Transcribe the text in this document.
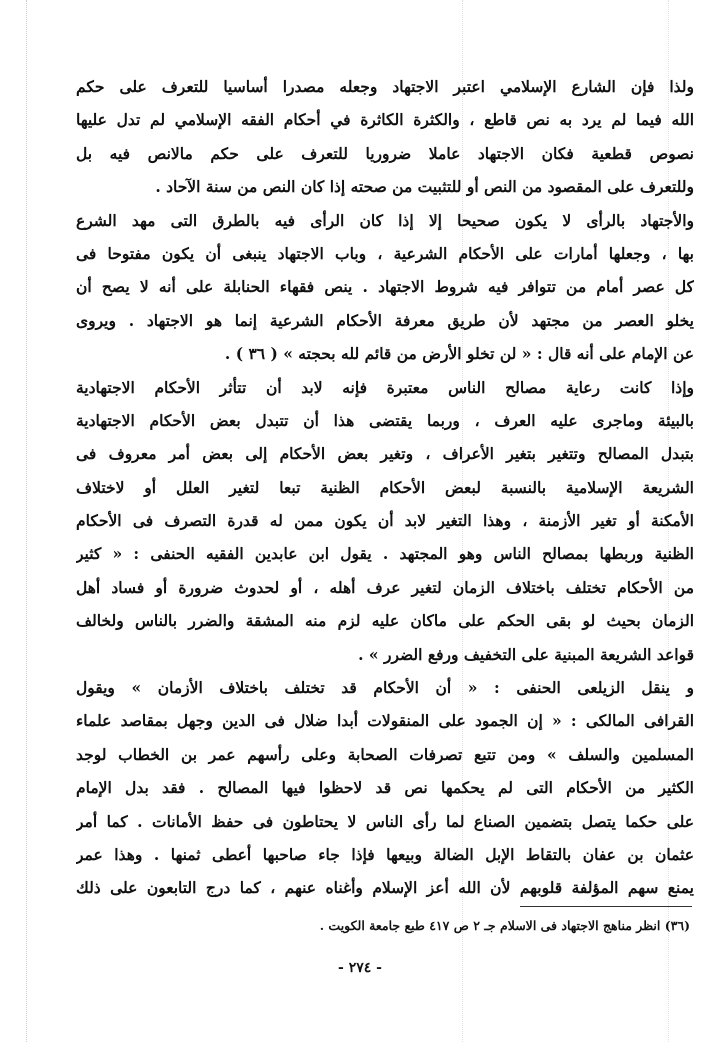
ولذا فإن الشارع الإسلامي اعتبر الاجتهاد وجعله مصدرا أساسيا للتعرف على حكم
الله فيما لم يرد به نص قاطع ، والكثرة الكاثرة في أحكام الفقه الإسلامي لم تدل عليها
نصوص قطعية فكان الاجتهاد عاملا ضروريا للتعرف على حكم مالانص فيه بل
وللتعرف على المقصود من النص أو للتثبيت من صحته إذا كان النص من سنة الآحاد .
والأجتهاد بالرأى لا يكون صحيحا إلا إذا كان الرأى فيه بالطرق التى مهد الشرع
بها ، وجعلها أمارات على الأحكام الشرعية ، وباب الاجتهاد ينبغى أن يكون مفتوحا فى
كل عصر أمام من تتوافر فيه شروط الاجتهاد . ينص فقهاء الحنابلة على أنه لا يصح أن
يخلو العصر من مجتهد لأن طريق معرفة الأحكام الشرعية إنما هو الاجتهاد . ويروى
عن الإمام على أنه قال : « لن تخلو الأرض من قائم لله بحجته » ( ٣٦ ) .
وإذا كانت رعاية مصالح الناس معتبرة فإنه لابد أن تتأثر الأحكام الاجتهادية
بالبيئة وماجرى عليه العرف ، وربما يقتضى هذا أن تتبدل بعض الأحكام الاجتهادية
بتبدل المصالح وتتغير بتغير الأعراف ، وتغير بعض الأحكام إلى بعض أمر معروف فى
الشريعة الإسلامية بالنسبة لبعض الأحكام الظنية تبعا لتغير العلل أو لاختلاف
الأمكنة أو تغير الأزمنة ، وهذا التغير لابد أن يكون ممن له قدرة التصرف فى الأحكام
الظنية وربطها بمصالح الناس وهو المجتهد . يقول ابن عابدين الفقيه الحنفى : « كثير
من الأحكام تختلف باختلاف الزمان لتغير عرف أهله ، أو لحدوث ضرورة أو فساد أهل
الزمان بحيث لو بقى الحكم على ماكان عليه لزم منه المشقة والضرر بالناس ولخالف
قواعد الشريعة المبنية على التخفيف ورفع الضرر » .
و ينقل الزيلعى الحنفى : « أن الأحكام قد تختلف باختلاف الأزمان » ويقول
القرافى المالكى : « إن الجمود على المنقولات أبدا ضلال فى الدين وجهل بمقاصد علماء
المسلمين والسلف » ومن تتبع تصرفات الصحابة وعلى رأسهم عمر بن الخطاب لوجد
الكثير من الأحكام التى لم يحكمها نص قد لاحظوا فيها المصالح . فقد بدل الإمام
على حكما يتصل بتضمين الصناع لما رأى الناس لا يحتاطون فى حفظ الأمانات . كما أمر
عثمان بن عفان بالتقاط الإبل الضالة وبيعها فإذا جاء صاحبها أعطى ثمنها . وهذا عمر
يمنع سهم المؤلفة قلوبهم لأن الله أعز الإسلام وأغناه عنهم ، كما درج التابعون على ذلك
(٣٦) انظر مناهج الاجتهاد فى الاسلام جـ ٢ ص ٤١٧ طبع جامعة الكويت .
- ٢٧٤ -
